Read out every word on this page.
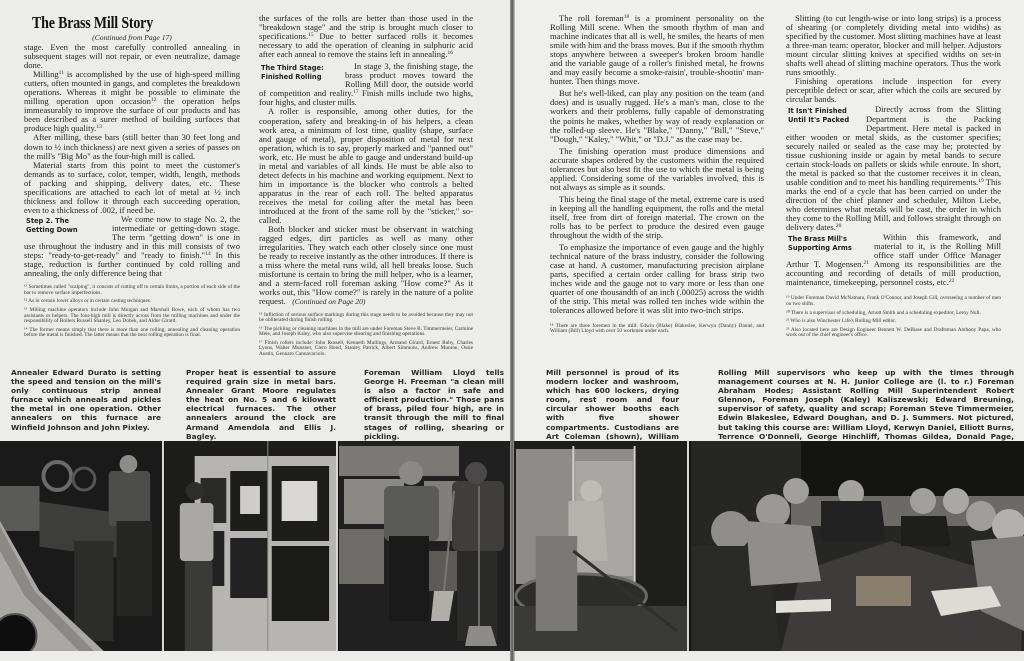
The Brass Mill Story
(Continued from Page 17)

stage. Even the most carefully controlled annealing in subsequent stages will not repair, or even neutralize, damage done.

Milling$^{11}$ is accomplished by the use of high-speed milling cutters, often mounted in gangs, and completes the breakdown operations. Whereas it might be possible to eliminate the milling operation upon occasion$^{12}$ the operation helps immeasurably to improve the surface of our products and has been described as a surer method of building surfaces that produce high quality.$^{13}$

After milling, these bars (still better than 30 feet long and down to ½ inch thickness) are next given a series of passes on the mill's "Big Mo" as the four-high mill is called.

Material starts from this point to meet the customer's demands as to surface, color, temper, width, length, methods of packing and shipping, delivery dates, etc. These specifications are attached to each lot of metal at ½ inch thickness and follow it through each succeeding operation, even to a thickness of .002, if need be.

Step 2. The
Getting Down

We come now to stage No. 2, the intermediate or getting-down stage. The term "getting down" is one in use throughout the industry and in this mill consists of two steps: "ready-to-get-ready" and "ready to finish."$^{14}$ In this stage, reduction is further continued by cold rolling and annealing, the only difference being that

¹¹ Sometimes called "scalping", it consists of cutting off to certain limits, a portion of each side of the bar to remove surface imperfections.

¹² As in certain lower alloys or in certain casting techniques.

¹³ Milling machine operators include John Morgan and Marshall Bowe, each of whom has two assistants or helpers. The four-high mill is directly across from the milling machines and under the responsibility of Rollers Russell Shanley, Leo Dobek, and Aldor Girard.

¹⁴ The former means simply that there is more than one rolling, annealing and cleaning operation before the metal is finished. The latter means that the next rolling operation is final.

the surfaces of the rolls are better than those used in the "breakdown stage" and the strip is brought much closer to specifications.$^{15}$ Due to better surfaced rolls it becomes necessary to add the operation of cleaning in sulphuric acid after each anneal to remove the stains left in annealing.$^{16}$

The Third Stage:
Finished Rolling

In stage 3, the finishing stage, the brass product moves toward the Rolling Mill door, the outside world of competition and reality.$^{17}$ Finish mills include two highs, four highs, and cluster mills.

A roller is responsible, among other duties, for the cooperation, safety and breaking-in of his helpers, a clean work area, a minimum of lost time, quality (shape, surface and gauge of metal), proper disposition of metal for next operation, which is to say, properly marked and "panned out" work, etc. He must be able to gauge and understand build-up in metal and variables of all kinds. He must be able also to detect defects in his machine and working equipment. Next to him in importance is the blocker who controls a belted apparatus in the rear of each roll. The belted apparatus receives the metal for coiling after the metal has been introduced at the front of the same roll by the "sticker," so-called.

Both blocker and sticker must be observant in watching ragged edges, dirt particles as well as many other irregularities. They watch each other closely since one must be ready to receive instantly as the other introduces. If there is a miss where the metal runs wild, all hell breaks loose. Such misfortune is certain to bring the mill helper, who is a learner, and a stern-faced roll foreman asking "How come?" As it works out, this "How come?" is rarely in the nature of a polite request. (Continued on Page 20)

¹⁵ Infliction of serious surface markings during this stage needs to be avoided because they may not be obliterated during finish rolling.

¹⁶ The pickling or cleaning machines in the mill are under Foreman Steve B. Timmermeier, Carmine Mele, and Joseph Kaley, who also supervise shearing and finishing operations.

¹⁷ Finish rollers include: John Russell, Kenneth Mullings, Armand Girard, Ernest Ruby, Charles Lyons, Walter Munzner, Clero Hood, Stanley Patrick, Albert Simmons, Andrew Munroe, Ossie Austin, Gennaro Cannavaciolo.

Annealer Edward Durato is setting the speed and tension on the mill's only continuous strip anneal furnace which anneals and pickles the metal in one operation. Other annealers on this furnace are Winfield Johnson and John Pixley.
Proper heat is essential to assure required grain size in metal bars. Annealer Grant Moore regulates the heat on No. 5 and 6 kilowatt electrical furnaces. The other annealers around the clock are Armand Amendola and Ellis J. Bagley.
Foreman William Lloyd tells George H. Freeman "a clean mill is also a factor in safe and efficient production." Those pans of brass, piled four high, are in transit through the mill to final stages of rolling, shearing or pickling.

The roll foreman$^{18}$ is a prominent personality on the Rolling Mill scene. When the smooth rhythm of man and machine indicates that all is well, he smiles, the hearts of men smile with him and the brass moves. But if the smooth rhythm stops anywhere between a sweeper's broken broom handle and the variable gauge of a roller's finished metal, he frowns and may easily become a smoke-raisin', trouble-shootin' man-hunter. Then things move.

But he's well-liked, can play any position on the team (and does) and is usually rugged. He's a man's man, close to the workers and their problems, fully capable of demonstrating the points he makes, whether by way of ready explanation or the rolled-up sleeve. He's "Blake," "Danny," "Bill," "Steve," "Dough," "Kaley," "Whit," or "D.J." as the case may be.

The finishing operation must produce dimensions and accurate shapes ordered by the customers within the required tolerances but also best fit the use to which the metal is being applied. Considering some of the variables involved, this is not always as simple as it sounds.

This being the final stage of the metal, extreme care is used in keeping all the handling equipment, the rolls and the metal itself, free from dirt of foreign material. The crown on the rolls has to be perfect to produce the desired even gauge throughout the width of the strip.

To emphasize the importance of even gauge and the highly technical nature of the brass industry, consider the following case at hand. A customer, manufacturing precision airplane parts, specified a certain order calling for brass strip two inches wide and the gauge not to vary more or less than one quarter of one thousandth of an inch (.00025) across the width of the strip. This metal was rolled ten inches wide within the tolerances allowed before it was slit into two-inch strips.

¹⁸ There are three foremen in the mill: Edwin (Blake) Blakeslee, Kerwyn (Danny) Daniel, and William (Bill) Lloyd with over 50 workmen under each.

Slitting (to cut length-wise or into long strips) is a process of shearing (or completely dividing metal into widths) as specified by the customer. Most slitting machines have at least a three-man team: operator, blocker and mill helper. Adjustors mount circular slitting knives at specified widths on set-in shafts well ahead of slitting machine operators. Thus the work runs smoothly.

Finishing operations include inspection for every perceptible defect or scar, after which the coils are secured by circular bands.

It Isn't Finished
Until It's Packed

Directly across from the Slitting Department is the Packing Department. Here metal is packed in either wooden or metal skids, as the customer specifies; securely nailed or sealed as the case may be; protected by tissue cushioning inside or again by metal bands to secure certain stock-loads on pallets or skids while enroute. In short, the metal is packed so that the customer receives it in clean, usable condition and to meet his handling requirements.$^{19}$ This marks the end of a cycle that has been carried on under the direction of the chief planner and scheduler, Milton Liebe, who determines what metals will be cast, the order in which they come to the Rolling Mill, and follows straight through on delivery dates.$^{20}$

The Brass Mill's
Supporting Arms

Within this framework, and material to it, is the Rolling Mill office staff under Office Manager Arthur T. Mogensen.$^{21}$ Among its responsibilities are the accounting and recording of details of mill production, maintenance, timekeeping, personnel costs, etc.$^{22}$

¹⁹ Under Foreman David McNamara, Frank O'Connor, and Joseph Gill, overseeing a number of men on two shifts.

²⁰ There is a supervisor of scheduling, Arnott Smith and a scheduling expeditor, Leroy Null.

²¹ Who is also Winchester Life's Rolling Mill editor.

²² Also located here are Design Engineer Bennett W. DeBiase and Draftsman Anthony Papa, who work out of the chief engineer's office.

Mill personnel is proud of its modern locker and washroom, which has 600 lockers, drying room, rest room and four circular shower booths each with five shower compartments. Custodians are Art Coleman (shown), William
Rolling Mill supervisors who keep up with the times through management courses at N. H. Junior College are (l. to r.) Foreman Abraham Hodes; Assistant Rolling Mill Superintendent Robert Glennon, Foreman Joseph (Kaley) Kaliszewski; Edward Breuning, supervisor of safety, quality and scrap; Foreman Steve Timmermeier, Edwin Blakeslee, Edward Doughan, and D. J. Summers. Not pictured, but taking this course are: William Lloyd, Kerwyn Daniel, Elliott Burns, Terrence O'Donnell, George Hinchliff, Thomas Gildea, Donald Page,
